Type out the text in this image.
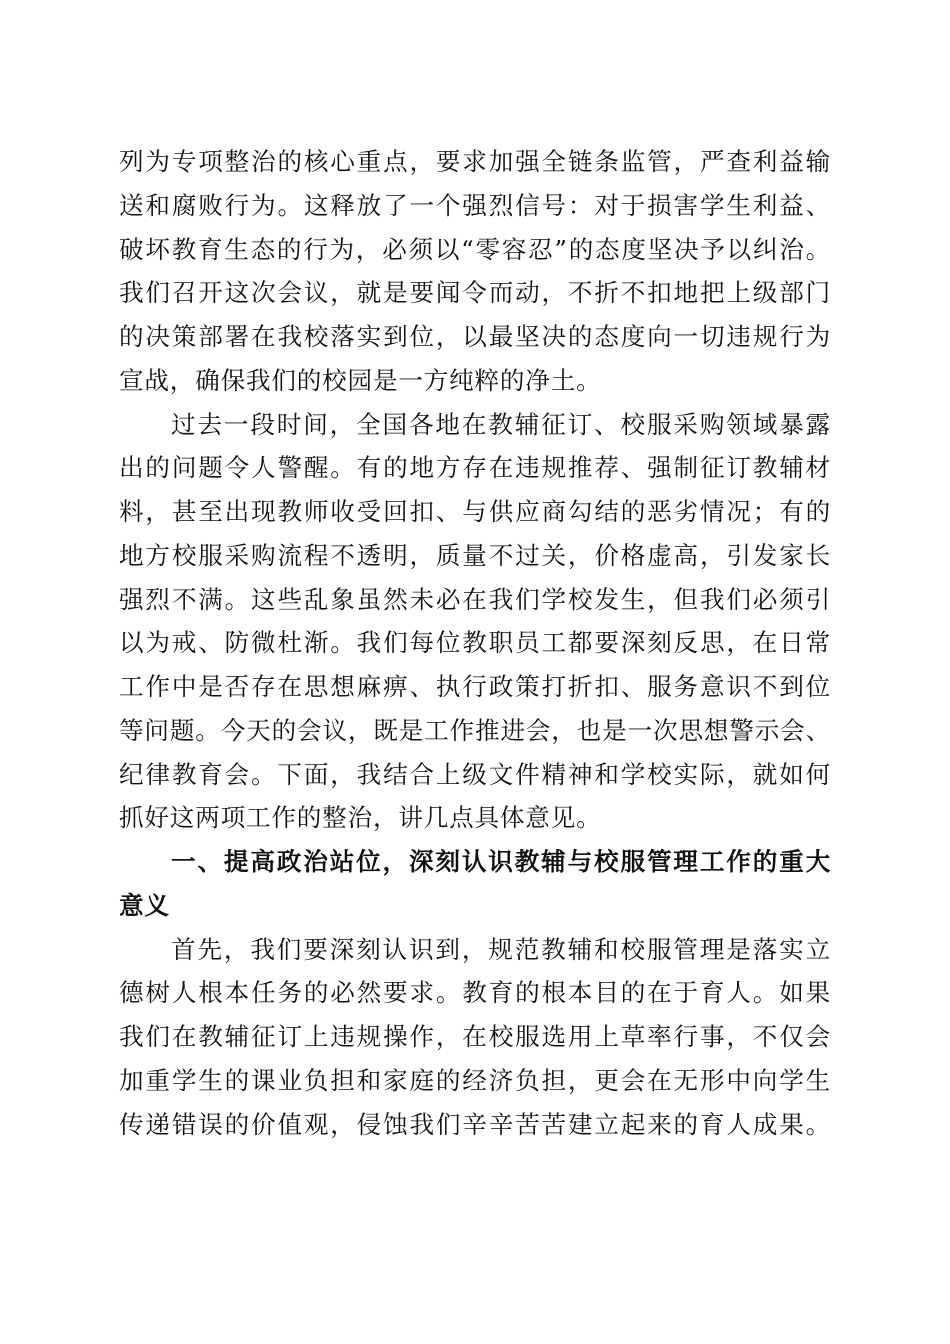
列为专项整治的核心重点，要求加强全链条监管，严查利益输
送和腐败行为。这释放了一个强烈信号：对于损害学生利益、
破坏教育生态的行为，必须以“零容忍”的态度坚决予以纠治。
我们召开这次会议，就是要闻令而动，不折不扣地把上级部门
的决策部署在我校落实到位，以最坚决的态度向一切违规行为
宣战，确保我们的校园是一方纯粹的净土。
过去一段时间，全国各地在教辅征订、校服采购领域暴露
出的问题令人警醒。有的地方存在违规推荐、强制征订教辅材
料，甚至出现教师收受回扣、与供应商勾结的恶劣情况；有的
地方校服采购流程不透明，质量不过关，价格虚高，引发家长
强烈不满。这些乱象虽然未必在我们学校发生，但我们必须引
以为戒、防微杜渐。我们每位教职员工都要深刻反思，在日常
工作中是否存在思想麻痹、执行政策打折扣、服务意识不到位
等问题。今天的会议，既是工作推进会，也是一次思想警示会、
纪律教育会。下面，我结合上级文件精神和学校实际，就如何
抓好这两项工作的整治，讲几点具体意见。
一、提高政治站位，深刻认识教辅与校服管理工作的重大
意义
首先，我们要深刻认识到，规范教辅和校服管理是落实立
德树人根本任务的必然要求。教育的根本目的在于育人。如果
我们在教辅征订上违规操作，在校服选用上草率行事，不仅会
加重学生的课业负担和家庭的经济负担，更会在无形中向学生
传递错误的价值观，侵蚀我们辛辛苦苦建立起来的育人成果。
